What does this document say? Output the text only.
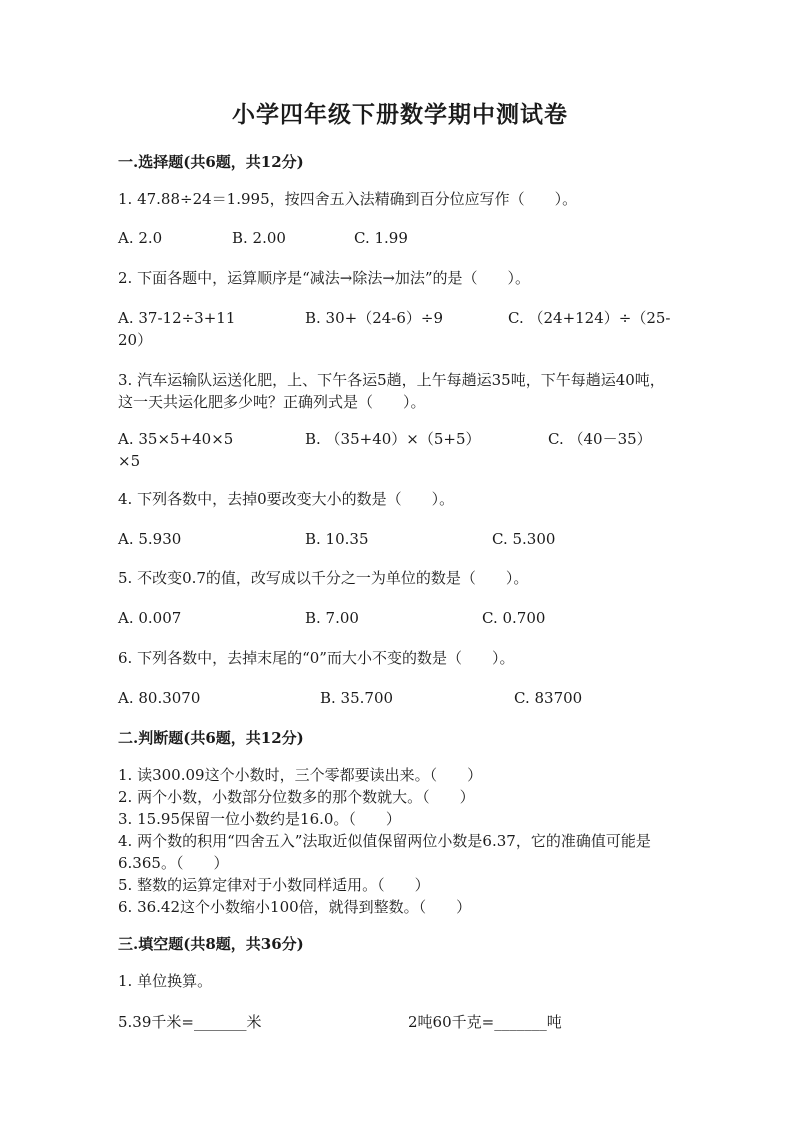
小学四年级下册数学期中测试卷
一.选择题(共6题，共12分)
1. 47.88÷24＝1.995，按四舍五入法精确到百分位应写作（　　）。
A. 2.0	B. 2.00	C. 1.99
2. 下面各题中，运算顺序是“减法→除法→加法”的是（　　）。
A. 37-12÷3+11	B. 30+（24-6）÷9	C. （24+124）÷（25-
20）
3. 汽车运输队运送化肥，上、下午各运5趟，上午每趟运35吨，下午每趟运40吨，这一天共运化肥多少吨？正确列式是（　　）。
A. 35×5+40×5	B. （35+40）×（5+5）	C. （40－35）
×5
4. 下列各数中，去掉0要改变大小的数是（　　）。
A. 5.930	B. 10.35	C. 5.300
5. 不改变0.7的值，改写成以千分之一为单位的数是（　　）。
A. 0.007	B. 7.00	C. 0.700
6. 下列各数中，去掉末尾的“0”而大小不变的数是（　　）。
A. 80.3070	B. 35.700	C. 83700
二.判断题(共6题，共12分)
1. 读300.09这个小数时，三个零都要读出来。（　　）
2. 两个小数，小数部分位数多的那个数就大。（　　）
3. 15.95保留一位小数约是16.0。（　　）
4. 两个数的积用“四舍五入”法取近似值保留两位小数是6.37，它的准确值可能是6.365。（　　）
5. 整数的运算定律对于小数同样适用。（　　）
6. 36.42这个小数缩小100倍，就得到整数。（　　）
三.填空题(共8题，共36分)
1. 单位换算。
5.39千米=_______米	2吨60千克=_______吨
